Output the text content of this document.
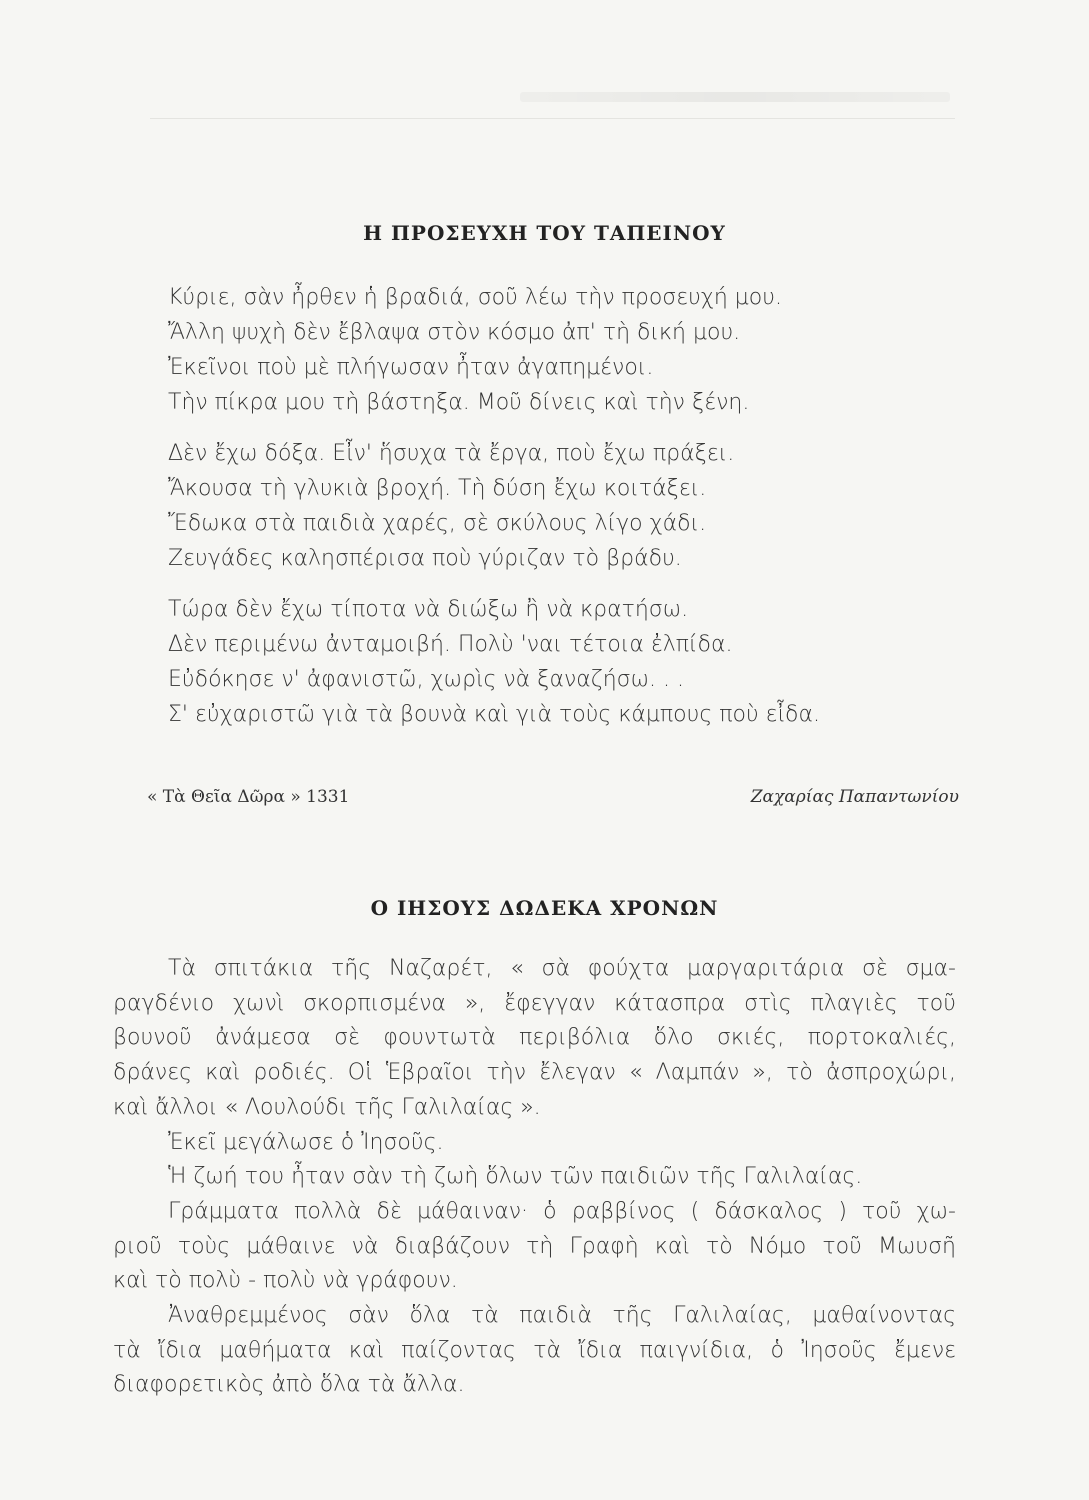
Η ΠΡΟΣΕΥΧΗ ΤΟΥ ΤΑΠΕΙΝΟΥ
Κύριε, σὰν ἦρθεν ἡ βραδιά, σοῦ λέω τὴν προσευχή μου.
Ἄλλη ψυχὴ δὲν ἔβλαψα στὸν κόσμο ἀπ' τὴ δική μου.
Ἐκεῖνοι ποὺ μὲ πλήγωσαν ἦταν ἀγαπημένοι.
Τὴν πίκρα μου τὴ βάστηξα. Μοῦ δίνεις καὶ τὴν ξένη.
Δὲν ἔχω δόξα. Εἶν' ἥσυχα τὰ ἔργα, ποὺ ἔχω πράξει.
Ἄκουσα τὴ γλυκιὰ βροχή. Τὴ δύση ἔχω κοιτάξει.
Ἔδωκα στὰ παιδιὰ χαρές, σὲ σκύλους λίγο χάδι.
Ζευγάδες καλησπέρισα ποὺ γύριζαν τὸ βράδυ.
Τώρα δὲν ἔχω τίποτα νὰ διώξω ἢ νὰ κρατήσω.
Δὲν περιμένω ἀνταμοιβή. Πολὺ 'ναι τέτοια ἐλπίδα.
Εὐδόκησε ν' ἀφανιστῶ, χωρὶς νὰ ξαναζήσω. . .
Σ' εὐχαριστῶ γιὰ τὰ βουνὰ καὶ γιὰ τοὺς κάμπους ποὺ εἶδα.
« Τὰ Θεῖα Δῶρα » 1331	Ζαχαρίας Παπαντωνίου
Ο ΙΗΣΟΥΣ ΔΩΔΕΚΑ ΧΡΟΝΩΝ
Τὰ σπιτάκια τῆς Ναζαρέτ, « σὰ φούχτα μαργαριτάρια σὲ σμα-
ραγδένιο χωνὶ σκορπισμένα », ἔφεγγαν κάτασπρα στὶς πλαγιὲς τοῦ
βουνοῦ ἀνάμεσα σὲ φουντωτὰ περιβόλια ὅλο σκιές, πορτοκαλιές,
δράνες καὶ ροδιές. Οἱ Ἑβραῖοι τὴν ἔλεγαν « Λαμπάν », τὸ ἀσπροχώρι,
καὶ ἄλλοι « Λουλούδι τῆς Γαλιλαίας ».
Ἐκεῖ μεγάλωσε ὁ Ἰησοῦς.
Ἡ ζωή του ἦταν σὰν τὴ ζωὴ ὅλων τῶν παιδιῶν τῆς Γαλιλαίας.
Γράμματα πολλὰ δὲ μάθαιναν· ὁ ραββίνος ( δάσκαλος ) τοῦ χω-
ριοῦ τοὺς μάθαινε νὰ διαβάζουν τὴ Γραφὴ καὶ τὸ Νόμο τοῦ Μωυσῆ
καὶ τὸ πολὺ - πολὺ νὰ γράφουν.
Ἀναθρεμμένος σὰν ὅλα τὰ παιδιὰ τῆς Γαλιλαίας, μαθαίνοντας
τὰ ἴδια μαθήματα καὶ παίζοντας τὰ ἴδια παιγνίδια, ὁ Ἰησοῦς ἔμενε
διαφορετικὸς ἀπὸ ὅλα τὰ ἄλλα.
